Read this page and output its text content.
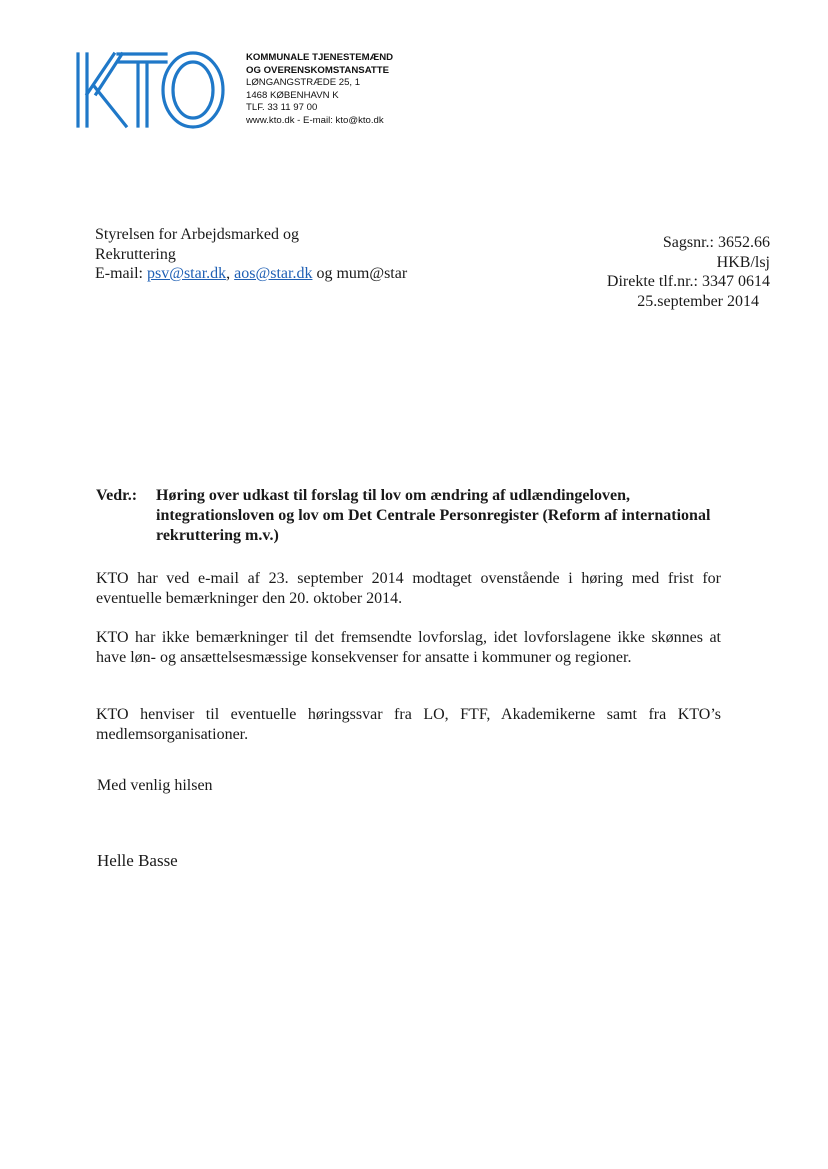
KOMMUNALE TJENESTEMÆND
OG OVERENSKOMSTANSATTE
LØNGANGSTRÆDE 25, 1
1468 KØBENHAVN K
TLF. 33 11 97 00
www.kto.dk - E-mail: kto@kto.dk
Styrelsen for Arbejdsmarked og
Rekruttering
E-mail: psv@star.dk, aos@star.dk og mum@star
Sagsnr.: 3652.66
HKB/lsj
Direkte tlf.nr.: 3347 0614
25.september 2014
Vedr.: Høring over udkast til forslag til lov om ændring af udlændingeloven, integrationsloven og lov om Det Centrale Personregister (Reform af international rekruttering m.v.)
KTO har ved e-mail af 23. september 2014 modtaget ovenstående i høring med frist for eventuelle bemærkninger den 20. oktober 2014.
KTO har ikke bemærkninger til det fremsendte lovforslag, idet lovforslagene ikke skønnes at have løn- og ansættelsesmæssige konsekvenser for ansatte i kommuner og regioner.
KTO henviser til eventuelle høringssvar fra LO, FTF, Akademikerne samt fra KTO’s medlemsorganisationer.
Med venlig hilsen
Helle Basse
